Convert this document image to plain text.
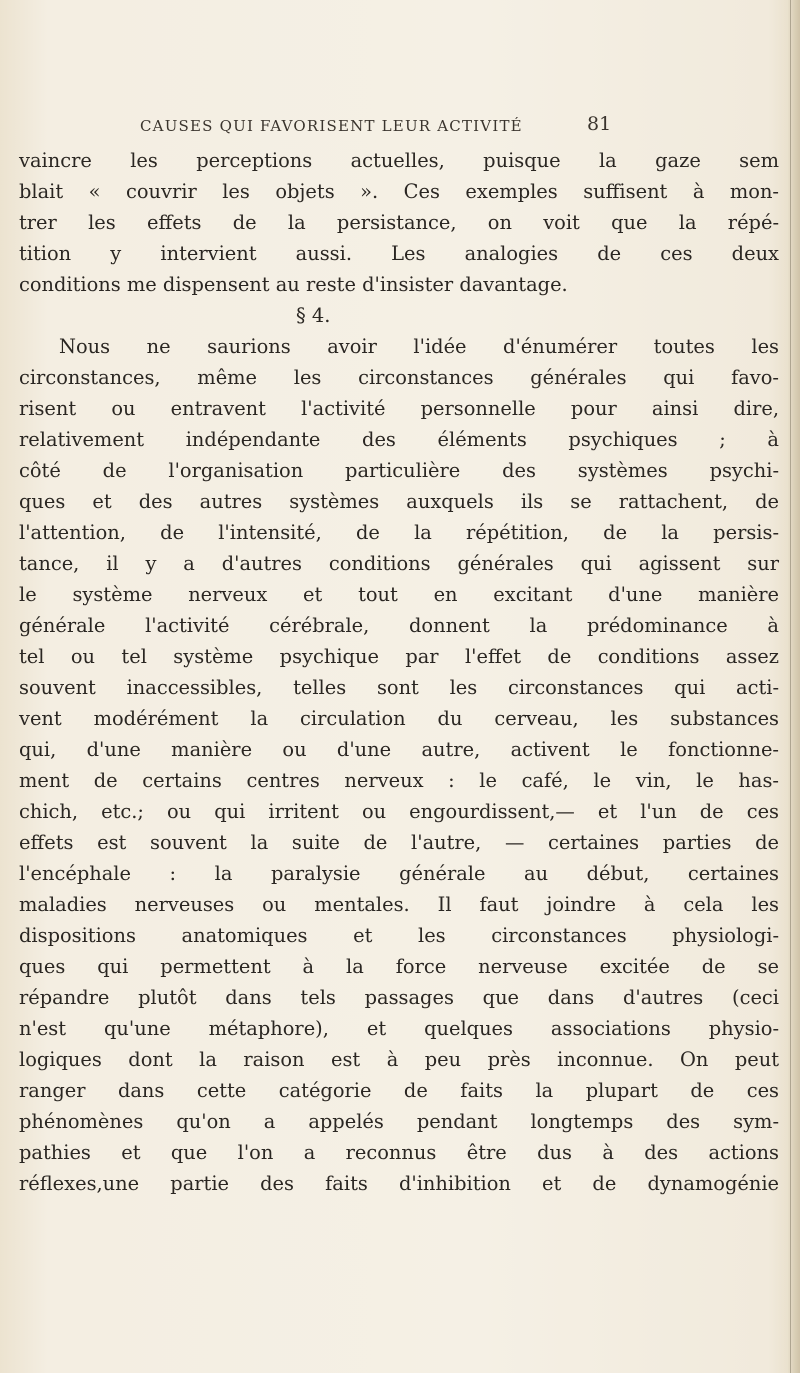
CAUSES QUI FAVORISENT LEUR ACTIVITÉ	81
vaincre les perceptions actuelles, puisque la gaze sem
blait « couvrir les objets ». Ces exemples suffisent à mon-
trer les effets de la persistance, on voit que la répé-
tition y intervient aussi. Les analogies de ces deux
conditions me dispensent au reste d'insister davantage.
§ 4.
Nous ne saurions avoir l'idée d'énumérer toutes les
circonstances, même les circonstances générales qui favo-
risent ou entravent l'activité personnelle pour ainsi dire,
relativement indépendante des éléments psychiques ; à
côté de l'organisation particulière des systèmes psychi-
ques et des autres systèmes auxquels ils se rattachent, de
l'attention, de l'intensité, de la répétition, de la persis-
tance, il y a d'autres conditions générales qui agissent sur
le système nerveux et tout en excitant d'une manière
générale l'activité cérébrale, donnent la prédominance à
tel ou tel système psychique par l'effet de conditions assez
souvent inaccessibles, telles sont les circonstances qui acti-
vent modérément la circulation du cerveau, les substances
qui, d'une manière ou d'une autre, activent le fonctionne-
ment de certains centres nerveux : le café, le vin, le has-
chich, etc.; ou qui irritent ou engourdissent,— et l'un de ces
effets est souvent la suite de l'autre, — certaines parties de
l'encéphale : la paralysie générale au début, certaines
maladies nerveuses ou mentales. Il faut joindre à cela les
dispositions anatomiques et les circonstances physiologi-
ques qui permettent à la force nerveuse excitée de se
répandre plutôt dans tels passages que dans d'autres (ceci
n'est qu'une métaphore), et quelques associations physio-
logiques dont la raison est à peu près inconnue. On peut
ranger dans cette catégorie de faits la plupart de ces
phénomènes qu'on a appelés pendant longtemps des sym-
pathies et que l'on a reconnus être dus à des actions
réflexes,une partie des faits d'inhibition et de dynamogénie
